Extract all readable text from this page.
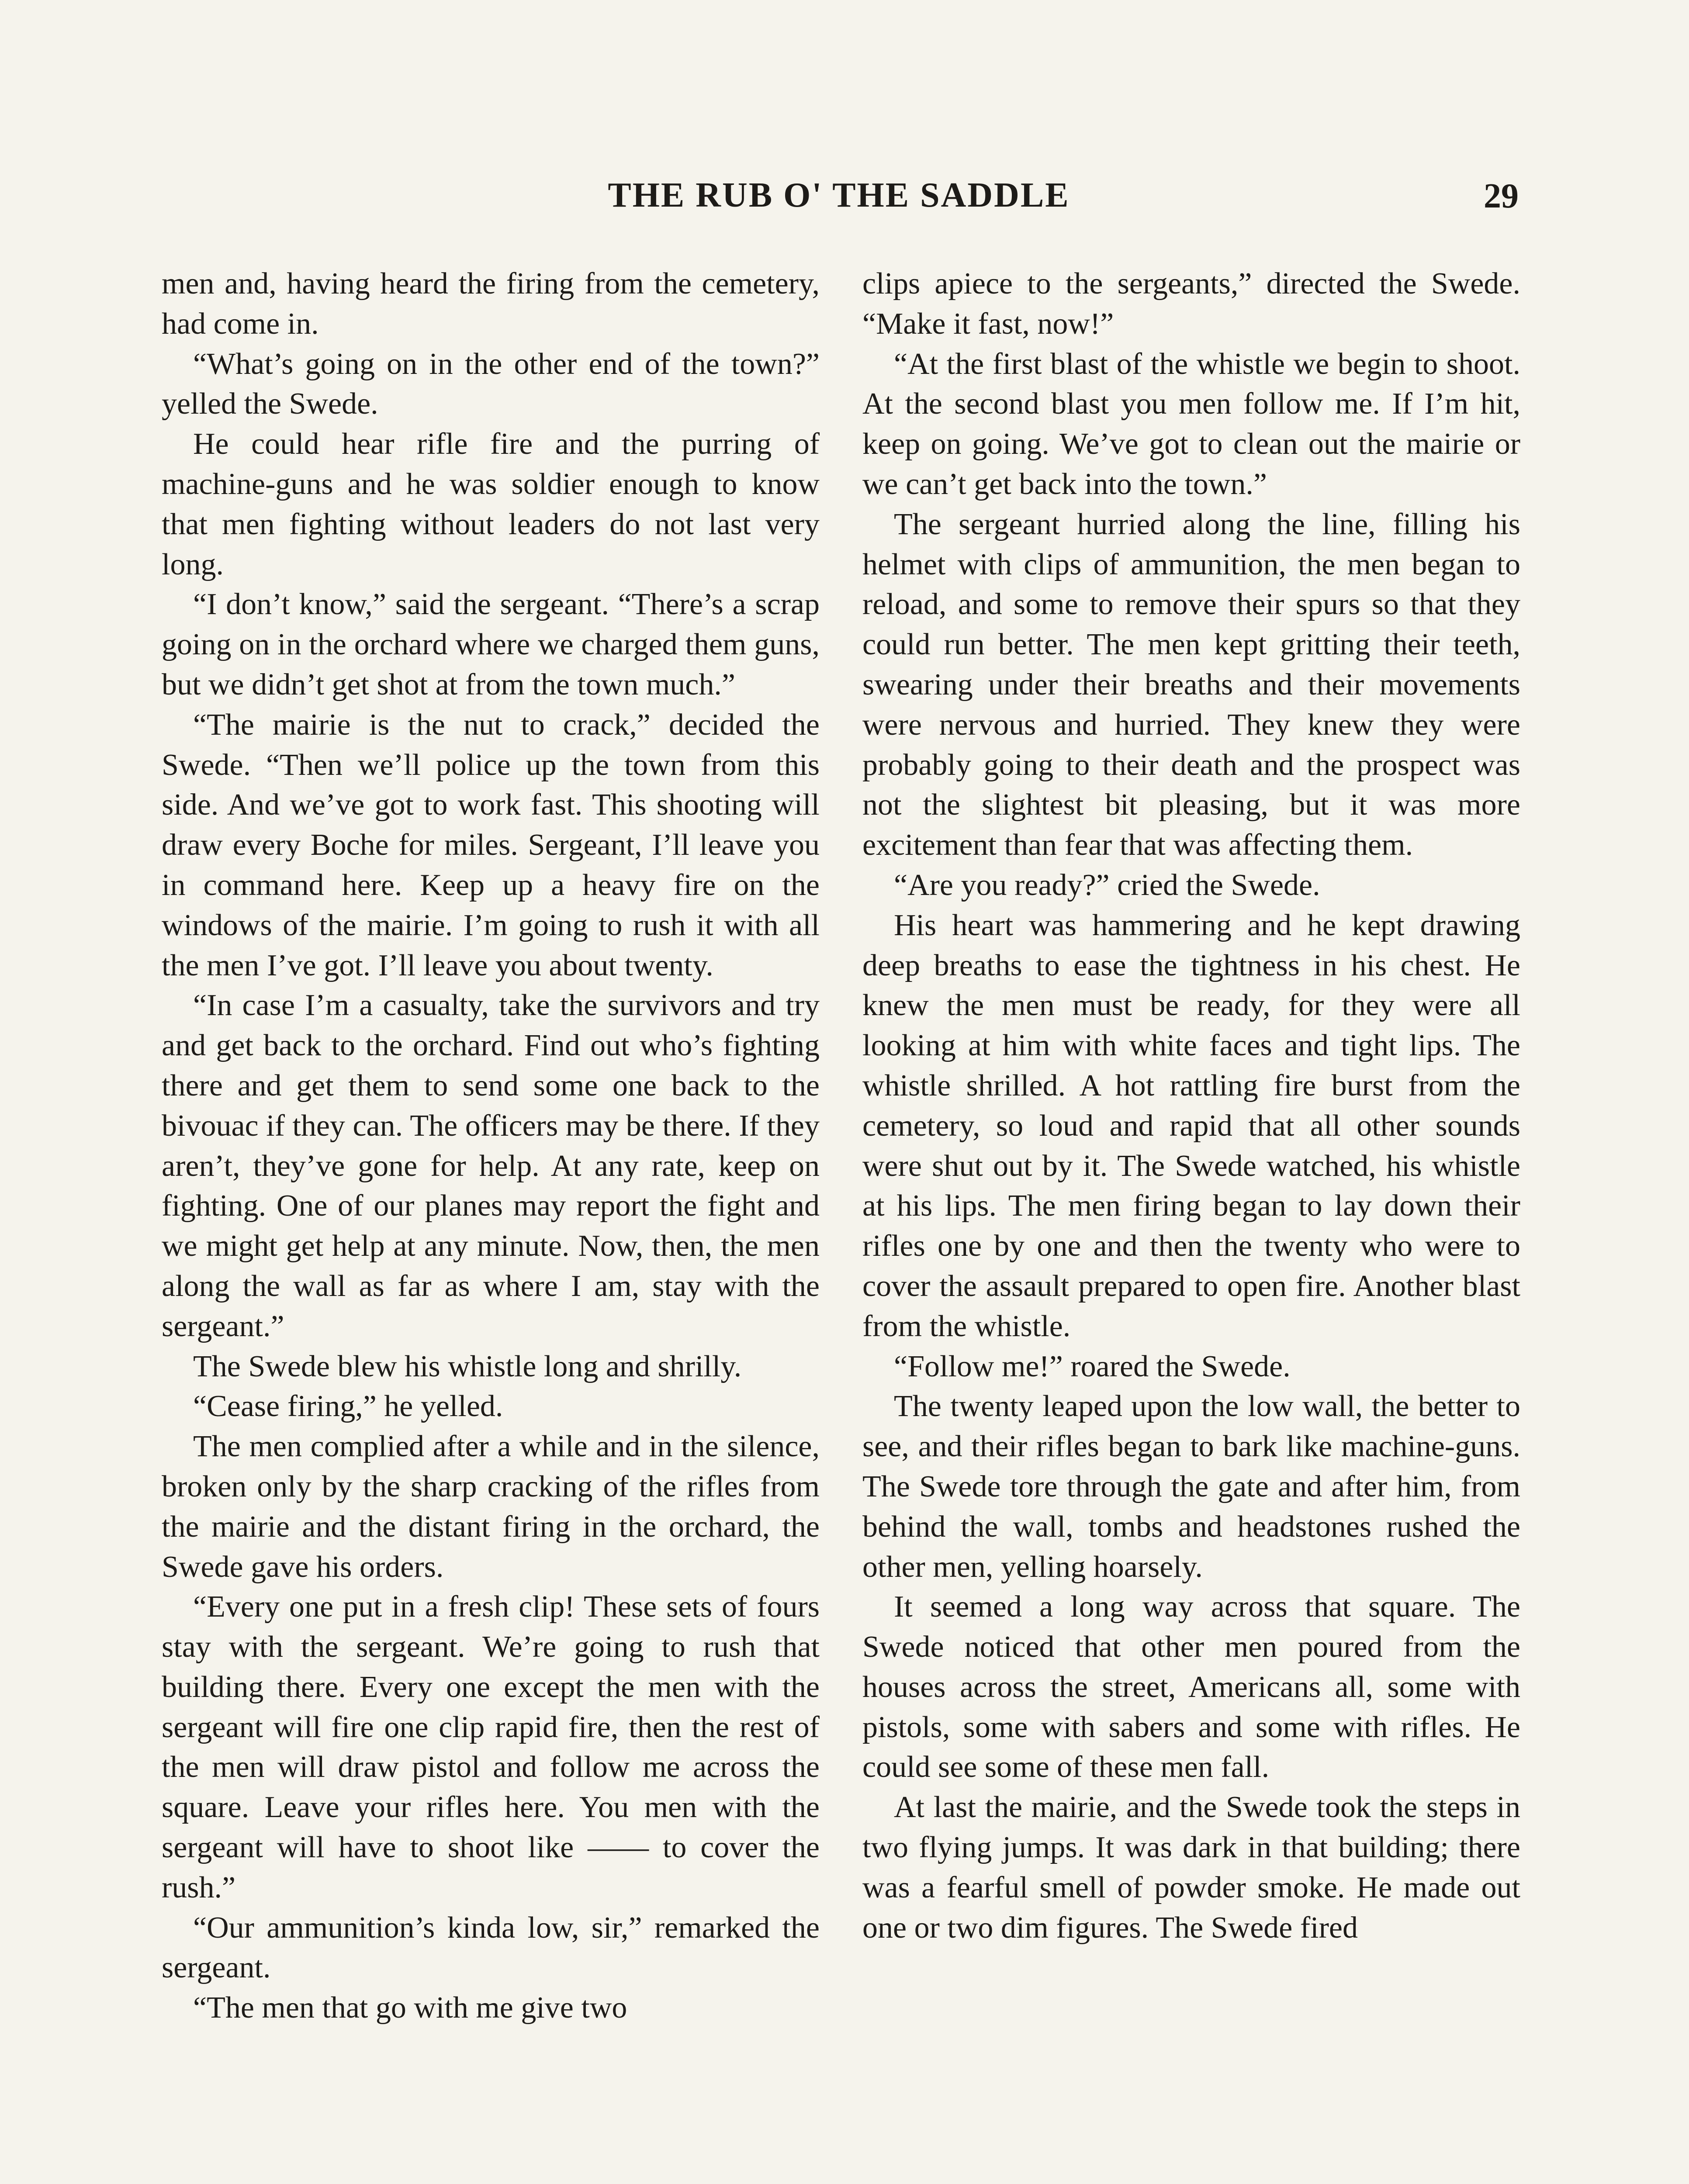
THE RUB O' THE SADDLE	29

men and, having heard the firing from the cemetery, had come in.

“What’s going on in the other end of the town?” yelled the Swede.

He could hear rifle fire and the purring of machine-guns and he was soldier enough to know that men fighting without leaders do not last very long.

“I don’t know,” said the sergeant. “There’s a scrap going on in the orchard where we charged them guns, but we didn’t get shot at from the town much.”

“The mairie is the nut to crack,” decided the Swede. “Then we’ll police up the town from this side. And we’ve got to work fast. This shooting will draw every Boche for miles. Sergeant, I’ll leave you in command here. Keep up a heavy fire on the windows of the mairie. I’m going to rush it with all the men I’ve got. I’ll leave you about twenty.

“In case I’m a casualty, take the survivors and try and get back to the orchard. Find out who’s fighting there and get them to send some one back to the bivouac if they can. The officers may be there. If they aren’t, they’ve gone for help. At any rate, keep on fighting. One of our planes may report the fight and we might get help at any minute. Now, then, the men along the wall as far as where I am, stay with the sergeant.”

The Swede blew his whistle long and shrilly.

“Cease firing,” he yelled.

The men complied after a while and in the silence, broken only by the sharp cracking of the rifles from the mairie and the distant firing in the orchard, the Swede gave his orders.

“Every one put in a fresh clip! These sets of fours stay with the sergeant. We’re going to rush that building there. Every one except the men with the sergeant will fire one clip rapid fire, then the rest of the men will draw pistol and follow me across the square. Leave your rifles here. You men with the sergeant will have to shoot like —— to cover the rush.”

“Our ammunition’s kinda low, sir,” remarked the sergeant.

“The men that go with me give two

clips apiece to the sergeants,” directed the Swede. “Make it fast, now!”

“At the first blast of the whistle we begin to shoot. At the second blast you men follow me. If I’m hit, keep on going. We’ve got to clean out the mairie or we can’t get back into the town.”

The sergeant hurried along the line, filling his helmet with clips of ammunition, the men began to reload, and some to remove their spurs so that they could run better. The men kept gritting their teeth, swearing under their breaths and their movements were nervous and hurried. They knew they were probably going to their death and the prospect was not the slightest bit pleasing, but it was more excitement than fear that was affecting them.

“Are you ready?” cried the Swede.

His heart was hammering and he kept drawing deep breaths to ease the tightness in his chest. He knew the men must be ready, for they were all looking at him with white faces and tight lips. The whistle shrilled. A hot rattling fire burst from the cemetery, so loud and rapid that all other sounds were shut out by it. The Swede watched, his whistle at his lips. The men firing began to lay down their rifles one by one and then the twenty who were to cover the assault prepared to open fire. Another blast from the whistle.

“Follow me!” roared the Swede.

The twenty leaped upon the low wall, the better to see, and their rifles began to bark like machine-guns. The Swede tore through the gate and after him, from behind the wall, tombs and headstones rushed the other men, yelling hoarsely.

It seemed a long way across that square. The Swede noticed that other men poured from the houses across the street, Americans all, some with pistols, some with sabers and some with rifles. He could see some of these men fall.

At last the mairie, and the Swede took the steps in two flying jumps. It was dark in that building; there was a fearful smell of powder smoke. He made out one or two dim figures. The Swede fired
